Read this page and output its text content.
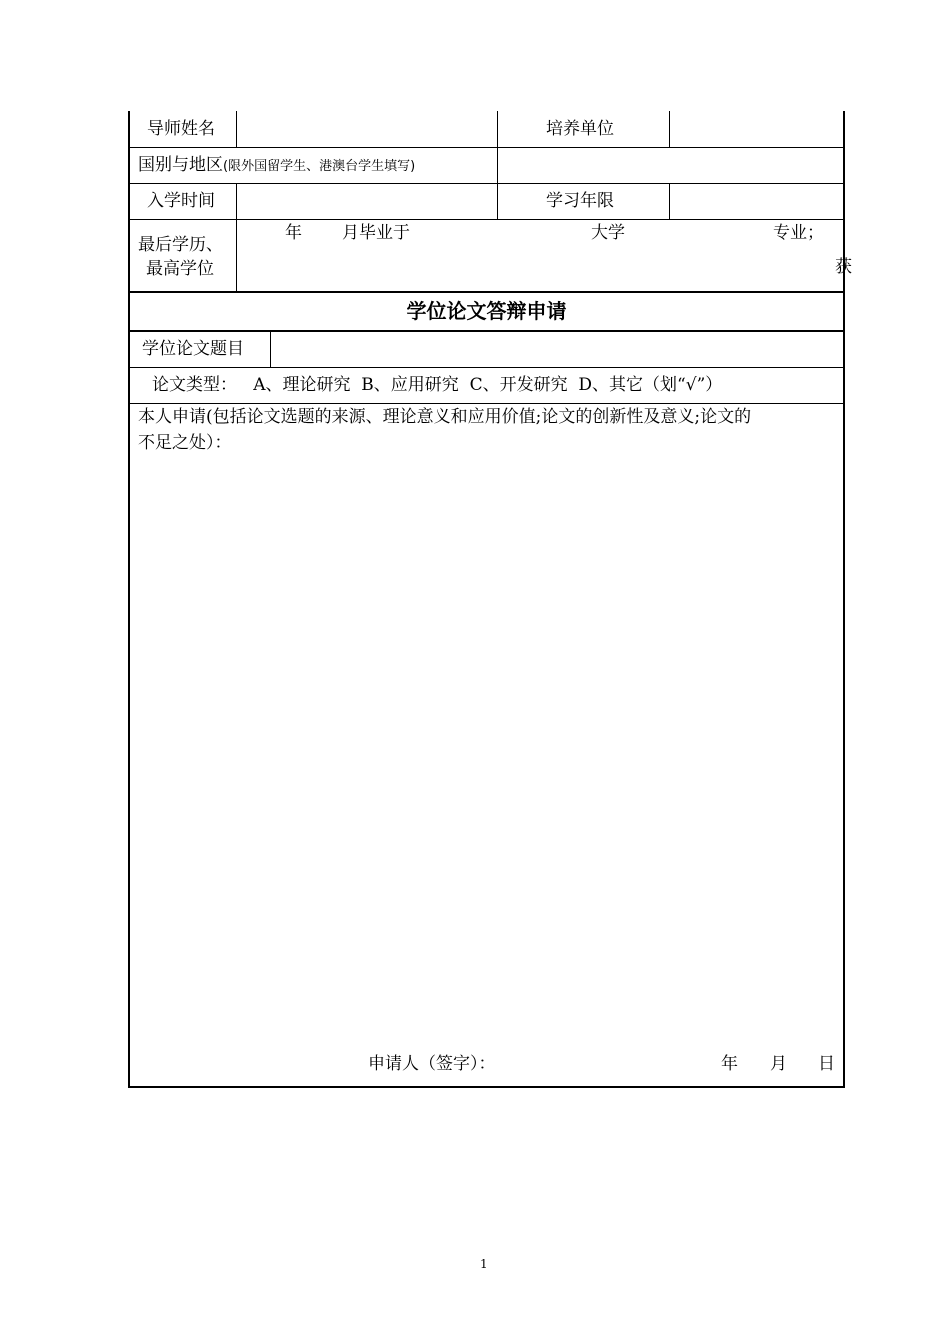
导师姓名	培养单位
国别与地区(限外国留学生、港澳台学生填写)
入学时间	学习年限
最后学历、
最高学位
年 月毕业于	大学	专业；
获
学位论文答辩申请
学位论文题目
论文类型：   A、理论研究  B、应用研究  C、开发研究  D、其它（划“√”）
本人申请(包括论文选题的来源、理论意义和应用价值;论文的创新性及意义;论文的
不足之处）：
申请人（签字）：	年 月 日
1
